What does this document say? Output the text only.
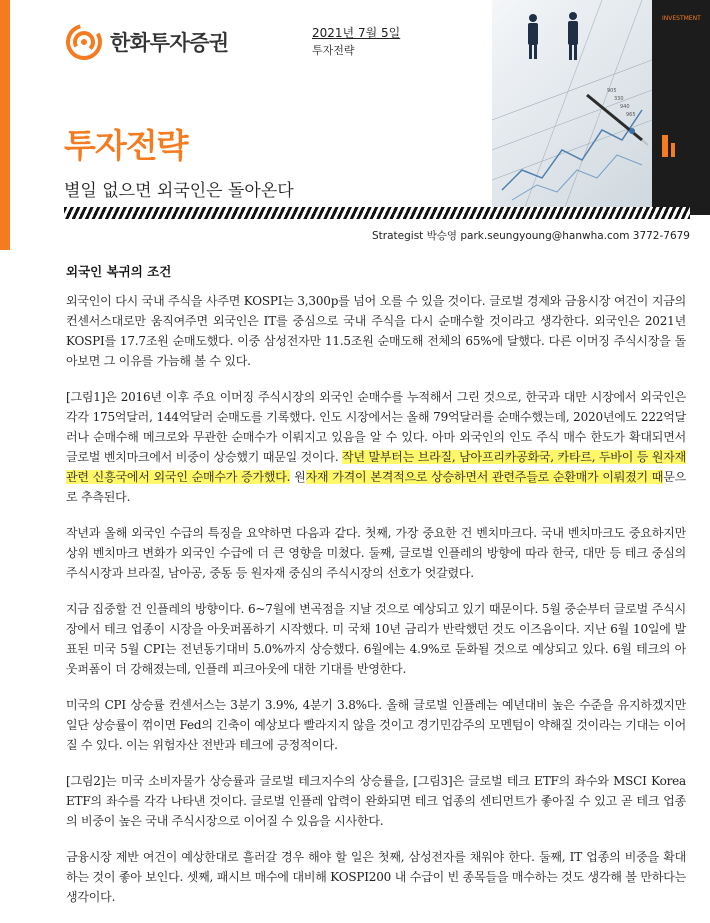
한화투자증권	2021년 7월 5일
투자전략
INVESTMENT
905
330
940
965
투자전략
별일 없으면 외국인은 돌아온다
Strategist 박승영 park.seungyoung@hanwha.com 3772-7679
외국인 복귀의 조건

외국인이 다시 국내 주식을 사주면 KOSPI는 3,300p를 넘어 오를 수 있을 것이다. 글로벌 경제와 금융시장 여건이 지금의 컨센서스대로만 움직여주면 외국인은 IT를 중심으로 국내 주식을 다시 순매수할 것이라고 생각한다. 외국인은 2021년 KOSPI를 17.7조원 순매도했다. 이중 삼성전자만 11.5조원 순매도해 전체의 65%에 달했다. 다른 이머징 주식시장을 돌아보면 그 이유를 가늠해 볼 수 있다.

[그림1]은 2016년 이후 주요 이머징 주식시장의 외국인 순매수를 누적해서 그린 것으로, 한국과 대만 시장에서 외국인은 각각 175억달러, 144억달러 순매도를 기록했다. 인도 시장에서는 올해 79억달러를 순매수했는데, 2020년에도 222억달러나 순매수해 메크로와 무관한 순매수가 이뤄지고 있음을 알 수 있다. 아마 외국인의 인도 주식 매수 한도가 확대되면서 글로벌 벤치마크에서 비중이 상승했기 때문일 것이다. 작년 말부터는 브라질, 남아프리카공화국, 카타르, 두바이 등 원자재 관련 신흥국에서 외국인 순매수가 증가했다. 원자재 가격이 본격적으로 상승하면서 관련주들로 순환매가 이뤄졌기 때문으로 추측된다.

작년과 올해 외국인 수급의 특징을 요약하면 다음과 같다. 첫째, 가장 중요한 건 벤치마크다. 국내 벤치마크도 중요하지만 상위 벤치마크 변화가 외국인 수급에 더 큰 영향을 미쳤다. 둘째, 글로벌 인플레의 방향에 따라 한국, 대만 등 테크 중심의 주식시장과 브라질, 남아공, 중동 등 원자재 중심의 주식시장의 선호가 엇갈렸다.

지금 집중할 건 인플레의 방향이다. 6~7월에 변곡점을 지날 것으로 예상되고 있기 때문이다. 5월 중순부터 글로벌 주식시장에서 테크 업종이 시장을 아웃퍼폼하기 시작했다. 미 국채 10년 금리가 반락했던 것도 이즈음이다. 지난 6월 10일에 발표된 미국 5월 CPI는 전년동기대비 5.0%까지 상승했다. 6월에는 4.9%로 둔화될 것으로 예상되고 있다. 6월 테크의 아웃퍼폼이 더 강해졌는데, 인플레 피크아웃에 대한 기대를 반영한다.

미국의 CPI 상승률 컨센서스는 3분기 3.9%, 4분기 3.8%다. 올해 글로벌 인플레는 예년대비 높은 수준을 유지하겠지만 일단 상승률이 꺾이면 Fed의 긴축이 예상보다 빨라지지 않을 것이고 경기민감주의 모멘텀이 약해질 것이라는 기대는 이어질 수 있다. 이는 위험자산 전반과 테크에 긍정적이다.

[그림2]는 미국 소비자물가 상승률과 글로벌 테크지수의 상승률을, [그림3]은 글로벌 테크 ETF의 좌수와 MSCI Korea ETF의 좌수를 각각 나타낸 것이다. 글로벌 인플레 압력이 완화되면 테크 업종의 센티먼트가 좋아질 수 있고 곧 테크 업종의 비중이 높은 국내 주식시장으로 이어질 수 있음을 시사한다.

금융시장 제반 여건이 예상한대로 흘러갈 경우 해야 할 일은 첫째, 삼성전자를 채워야 한다. 둘째, IT 업종의 비중을 확대하는 것이 좋아 보인다. 셋째, 패시브 매수에 대비해 KOSPI200 내 수급이 빈 종목들을 매수하는 것도 생각해 볼 만하다는 생각이다.
